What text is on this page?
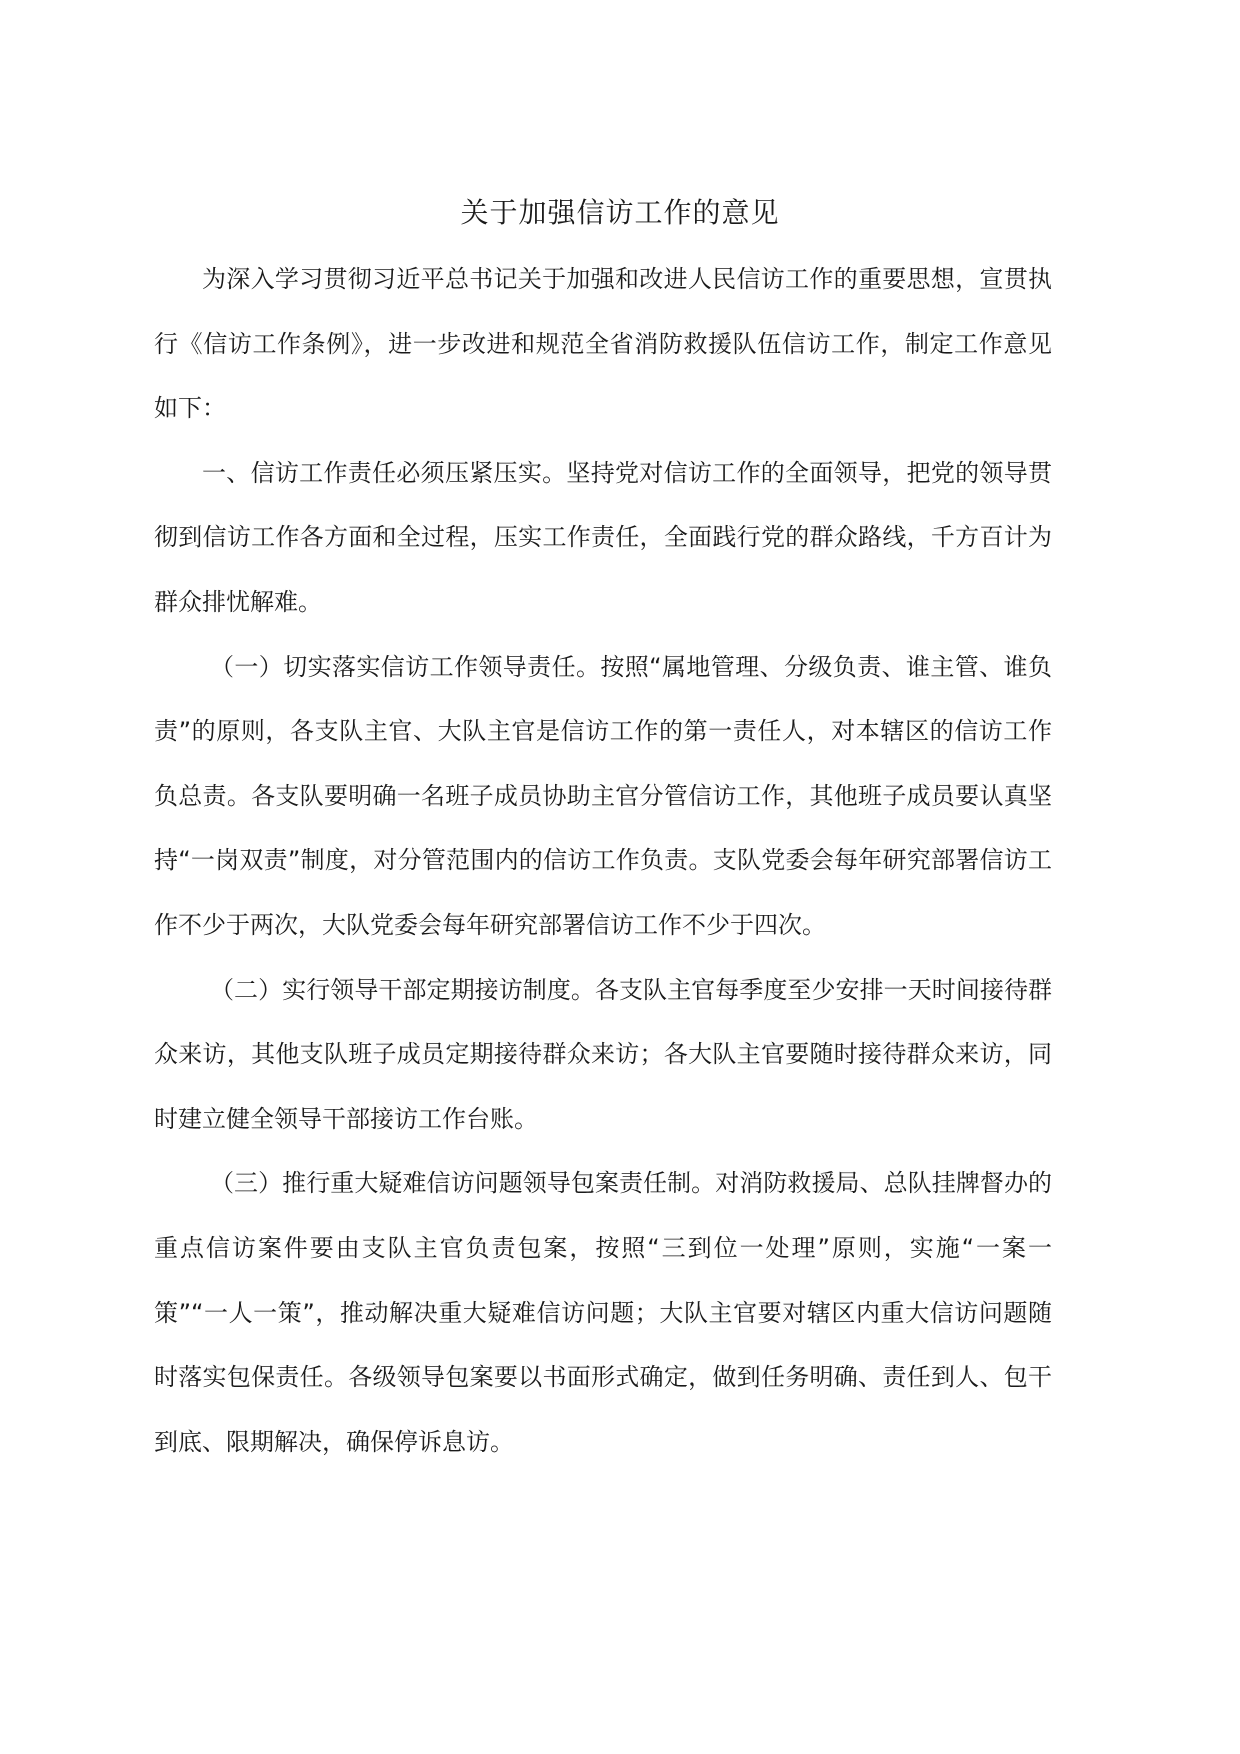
关于加强信访工作的意见

为深入学习贯彻习近平总书记关于加强和改进人民信访工作的重要思想，宣贯执行《信访工作条例》，进一步改进和规范全省消防救援队伍信访工作，制定工作意见如下：

一、信访工作责任必须压紧压实。坚持党对信访工作的全面领导，把党的领导贯彻到信访工作各方面和全过程，压实工作责任，全面践行党的群众路线，千方百计为群众排忧解难。

（一）切实落实信访工作领导责任。按照“属地管理、分级负责、谁主管、谁负责”的原则，各支队主官、大队主官是信访工作的第一责任人，对本辖区的信访工作负总责。各支队要明确一名班子成员协助主官分管信访工作，其他班子成员要认真坚持“一岗双责”制度，对分管范围内的信访工作负责。支队党委会每年研究部署信访工作不少于两次，大队党委会每年研究部署信访工作不少于四次。

（二）实行领导干部定期接访制度。各支队主官每季度至少安排一天时间接待群众来访，其他支队班子成员定期接待群众来访；各大队主官要随时接待群众来访，同时建立健全领导干部接访工作台账。

（三）推行重大疑难信访问题领导包案责任制。对消防救援局、总队挂牌督办的重点信访案件要由支队主官负责包案，按照“三到位一处理”原则，实施“一案一策”“一人一策”，推动解决重大疑难信访问题；大队主官要对辖区内重大信访问题随时落实包保责任。各级领导包案要以书面形式确定，做到任务明确、责任到人、包干到底、限期解决，确保停诉息访。
